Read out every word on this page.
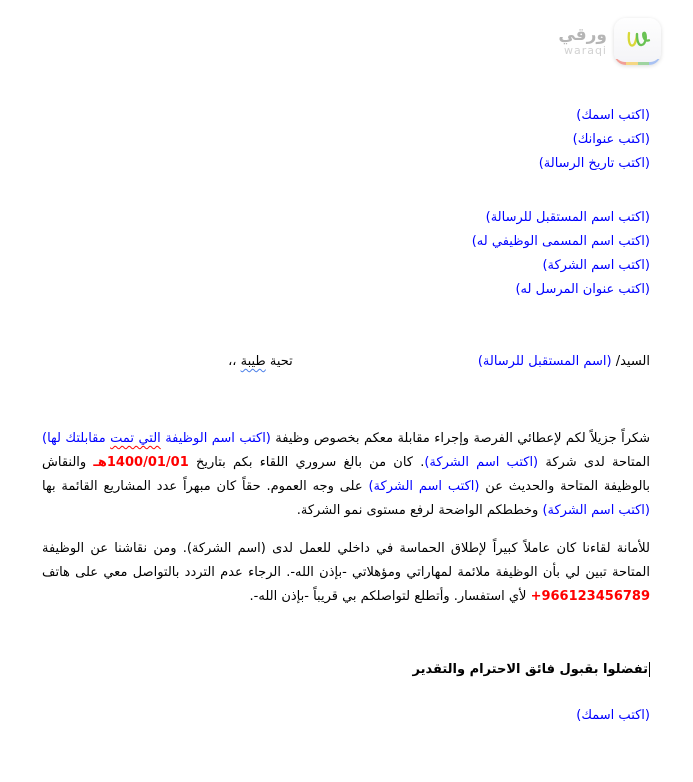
ورقي
waraqi
(اكتب اسمك)
(اكتب عنوانك)
(اكتب تاريخ الرسالة)
(اكتب اسم المستقبل للرسالة)
(اكتب اسم المسمى الوظيفي له)
(اكتب اسم الشركة)
(اكتب عنوان المرسل له)
السيد/ (اسم المستقبل للرسالة)
تحية طيبة ،،

شكراً جزيلاً لكم لإعطائي الفرصة وإجراء مقابلة معكم بخصوص وظيفة (اكتب اسم الوظيفة التي تمت مقابلتك لها) المتاحة لدى شركة (اكتب اسم الشركة). كان من بالغ سروري اللقاء بكم بتاريخ 1400/01/01هـ والنقاش بالوظيفة المتاحة والحديث عن (اكتب اسم الشركة) على وجه العموم. حقاً كان مبهراً عدد المشاريع القائمة بها (اكتب اسم الشركة) وخططكم الواضحة لرفع مستوى نمو الشركة.

للأمانة لقاءنا كان عاملاً كبيراً لإطلاق الحماسة في داخلي للعمل لدى (اسم الشركة). ومن نقاشنا عن الوظيفة المتاحة تبين لي بأن الوظيفة ملائمة لمهاراتي ومؤهلاتي -بإذن الله-. الرجاء عدم التردد بالتواصل معي على هاتف +966123456789 لأي استفسار. وأتطلع لتواصلكم بي قريباً -بإذن الله-.

تفضلوا بقبول فائق الاحترام والتقدير
(اكتب اسمك)
